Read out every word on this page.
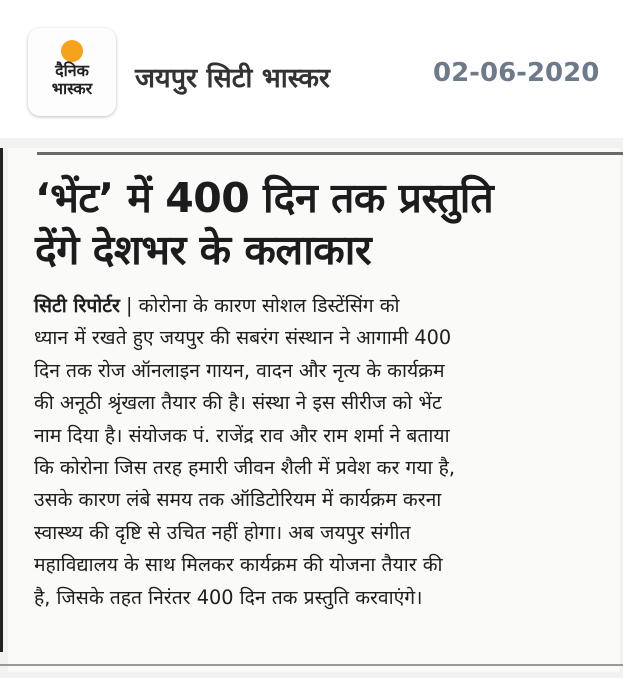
दैनिक
भास्कर	जयपुर सिटी भास्कर	02-06-2020
‘भेंट’ में 400 दिन तक प्रस्तुति
देंगे देशभर के कलाकार
सिटी रिपोर्टर | कोरोना के कारण सोशल डिस्टेंसिंग को
ध्यान में रखते हुए जयपुर की सबरंग संस्थान ने आगामी 400
दिन तक रोज ऑनलाइन गायन, वादन और नृत्य के कार्यक्रम
की अनूठी श्रृंखला तैयार की है। संस्था ने इस सीरीज को भेंट
नाम दिया है। संयोजक पं. राजेंद्र राव और राम शर्मा ने बताया
कि कोरोना जिस तरह हमारी जीवन शैली में प्रवेश कर गया है,
उसके कारण लंबे समय तक ऑडिटोरियम में कार्यक्रम करना
स्वास्थ्य की दृष्टि से उचित नहीं होगा। अब जयपुर संगीत
महाविद्यालय के साथ मिलकर कार्यक्रम की योजना तैयार की
है, जिसके तहत निरंतर 400 दिन तक प्रस्तुति करवाएंगे।
